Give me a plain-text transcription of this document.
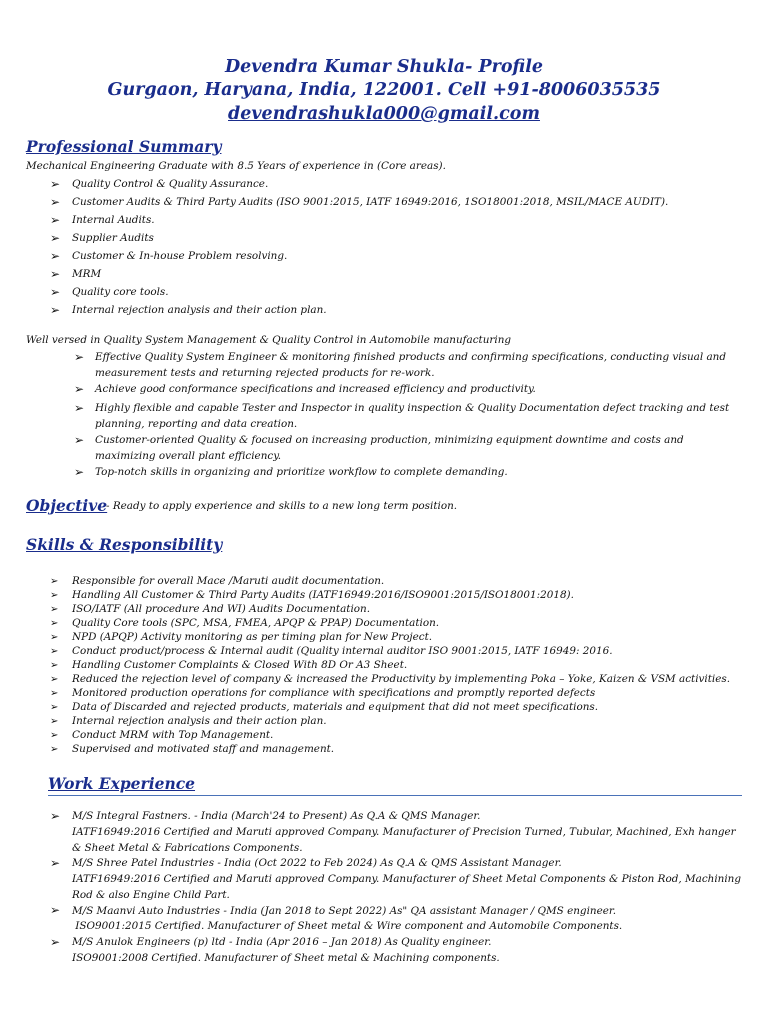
Devendra Kumar Shukla- Profile
Gurgaon, Haryana, India, 122001. Cell +91-8006035535
devendrashukla000@gmail.com
Professional Summary
Mechanical Engineering Graduate with 8.5 Years of experience in (Core areas).
➢ Quality Control & Quality Assurance.
➢ Customer Audits & Third Party Audits (ISO 9001:2015, IATF 16949:2016, 1SO18001:2018, MSIL/MACE AUDIT).
➢ Internal Audits.
➢ Supplier Audits
➢ Customer & In-house Problem resolving.
➢ MRM
➢ Quality core tools.
➢ Internal rejection analysis and their action plan.
Well versed in Quality System Management & Quality Control in Automobile manufacturing
➢ Effective Quality System Engineer & monitoring finished products and confirming specifications, conducting visual and measurement tests and returning rejected products for re-work.
➢ Achieve good conformance specifications and increased efficiency and productivity.
➢ Highly flexible and capable Tester and Inspector in quality inspection & Quality Documentation defect tracking and test planning, reporting and data creation.
➢ Customer-oriented Quality & focused on increasing production, minimizing equipment downtime and costs and maximizing overall plant efficiency.
➢ Top-notch skills in organizing and prioritize workflow to complete demanding.
Objective
- Ready to apply experience and skills to a new long term position.
Skills & Responsibility
➢ Responsible for overall Mace /Maruti audit documentation.
➢ Handling All Customer & Third Party Audits (IATF16949:2016/ISO9001:2015/ISO18001:2018).
➢ ISO/IATF (All procedure And WI) Audits Documentation.
➢ Quality Core tools (SPC, MSA, FMEA, APQP & PPAP) Documentation.
➢ NPD (APQP) Activity monitoring as per timing plan for New Project.
➢ Conduct product/process & Internal audit (Quality internal auditor ISO 9001:2015, IATF 16949: 2016.
➢ Handling Customer Complaints & Closed With 8D Or A3 Sheet.
➢ Reduced the rejection level of company & increased the Productivity by implementing Poka – Yoke, Kaizen & VSM activities.
➢ Monitored production operations for compliance with specifications and promptly reported defects
➢ Data of Discarded and rejected products, materials and equipment that did not meet specifications.
➢ Internal rejection analysis and their action plan.
➢ Conduct MRM with Top Management.
➢ Supervised and motivated staff and management.
Work Experience
➢ M/S Integral Fastners. - India (March'24 to Present) As Q.A & QMS Manager.
IATF16949:2016 Certified and Maruti approved Company. Manufacturer of Precision Turned, Tubular, Machined, Exh hanger & Sheet Metal & Fabrications Components.
➢ M/S Shree Patel Industries - India (Oct 2022 to Feb 2024) As Q.A & QMS Assistant Manager.
IATF16949:2016 Certified and Maruti approved Company. Manufacturer of Sheet Metal Components & Piston Rod, Machining Rod & also Engine Child Part.
➢ M/S Maanvi Auto Industries - India (Jan 2018 to Sept 2022) As" QA assistant Manager / QMS engineer.
ISO9001:2015 Certified. Manufacturer of Sheet metal & Wire component and Automobile Components.
➢ M/S Anulok Engineers (p) ltd - India (Apr 2016 – Jan 2018) As Quality engineer.
ISO9001:2008 Certified. Manufacturer of Sheet metal & Machining components.
